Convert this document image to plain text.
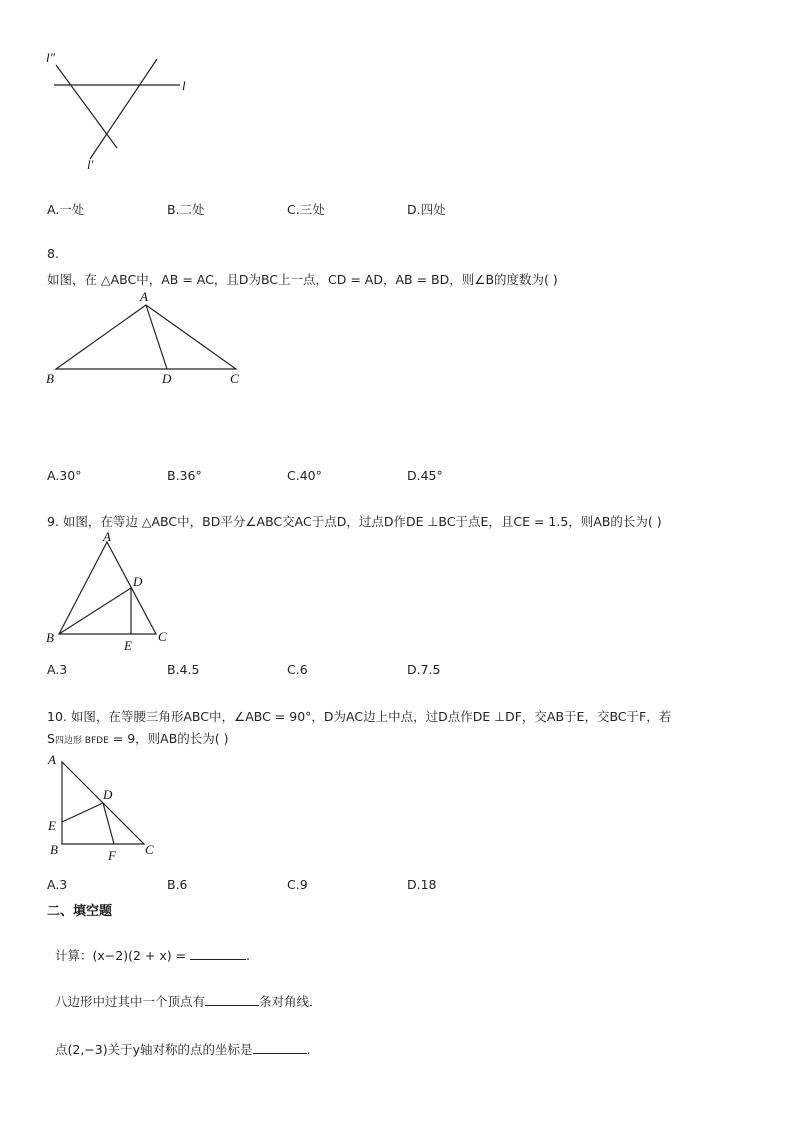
l″
l
l′
A.一处	B.二处	C.三处	D.四处
8.
如图，在 △ABC中，AB = AC，且D为BC上一点，CD = AD，AB = BD，则∠B的度数为( )
A
B	D	C
A.30°	B.36°	C.40°	D.45°
9. 如图，在等边 △ABC中，BD平分∠ABC交AC于点D，过点D作DE ⊥BC于点E，且CE = 1.5，则AB的长为( )
A
D
B	C
E
A.3	B.4.5	C.6	D.7.5
10. 如图，在等腰三角形ABC中，∠ABC = 90°，D为AC边上中点，过D点作DE ⊥DF，交AB于E，交BC于F，若
S四边形 BFDE = 9，则AB的长为( )
A
D
E
B	F C
A.3	B.6	C.9	D.18
二、填空题
计算：(x−2)(2 + x) =	.
八边形中过其中一个顶点有	条对角线．
点(2,−3)关于y轴对称的点的坐标是	.
